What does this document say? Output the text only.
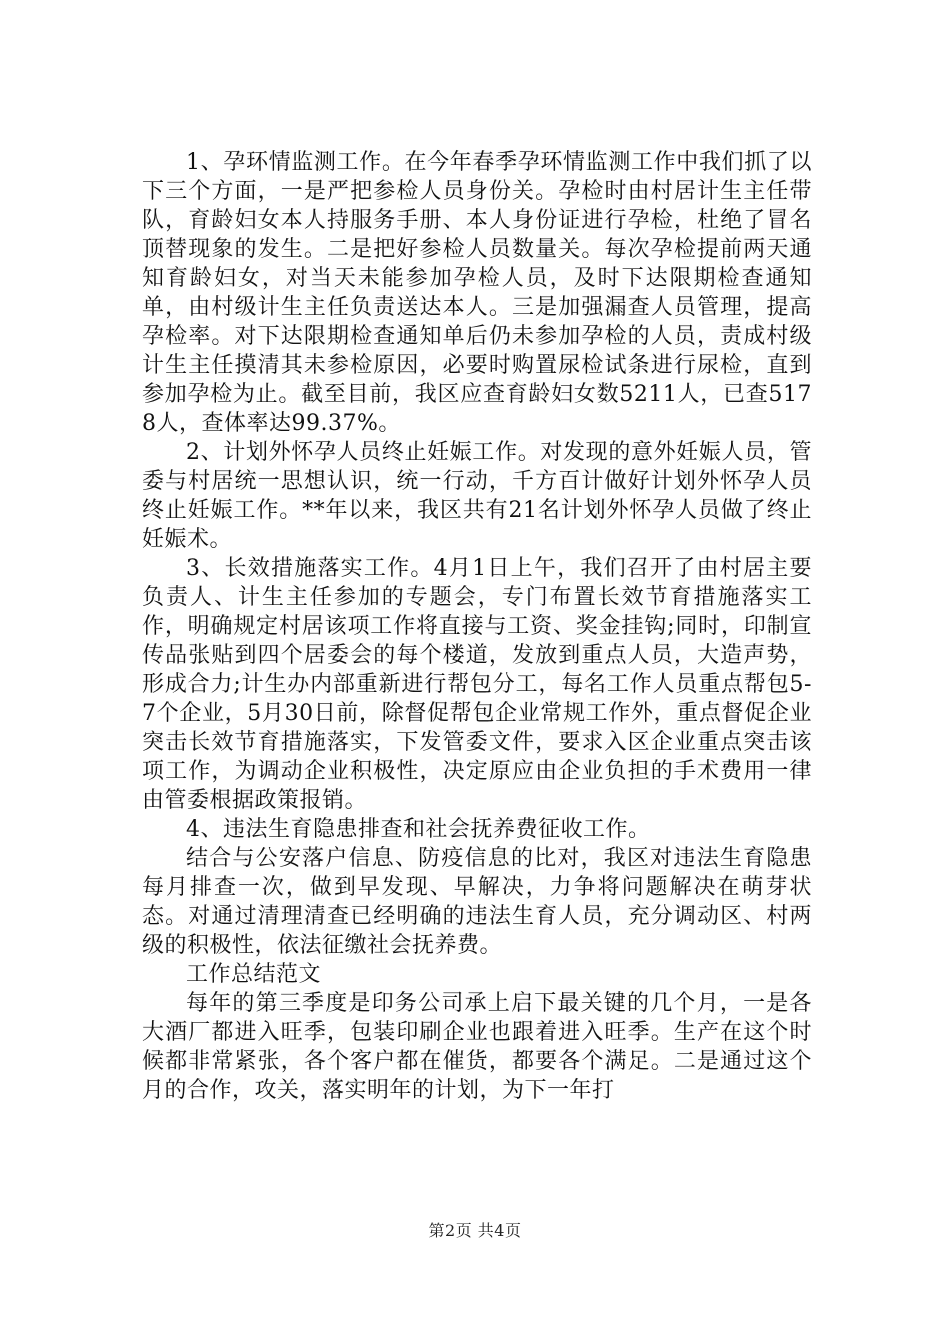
1、孕环情监测工作。在今年春季孕环情监测工作中我们抓了以下三个方面，一是严把参检人员身份关。孕检时由村居计生主任带队，育龄妇女本人持服务手册、本人身份证进行孕检，杜绝了冒名顶替现象的发生。二是把好参检人员数量关。每次孕检提前两天通知育龄妇女，对当天未能参加孕检人员，及时下达限期检查通知单，由村级计生主任负责送达本人。三是加强漏查人员管理，提高孕检率。对下达限期检查通知单后仍未参加孕检的人员，责成村级计生主任摸清其未参检原因，必要时购置尿检试条进行尿检，直到参加孕检为止。截至目前，我区应查育龄妇女数5211人，已查5178人，查体率达99.37%。

2、计划外怀孕人员终止妊娠工作。对发现的意外妊娠人员，管委与村居统一思想认识，统一行动，千方百计做好计划外怀孕人员终止妊娠工作。**年以来，我区共有21名计划外怀孕人员做了终止妊娠术。

3、长效措施落实工作。4月1日上午，我们召开了由村居主要负责人、计生主任参加的专题会，专门布置长效节育措施落实工作，明确规定村居该项工作将直接与工资、奖金挂钩;同时，印制宣传品张贴到四个居委会的每个楼道，发放到重点人员，大造声势，形成合力;计生办内部重新进行帮包分工，每名工作人员重点帮包5-7个企业，5月30日前，除督促帮包企业常规工作外，重点督促企业突击长效节育措施落实，下发管委文件，要求入区企业重点突击该项工作，为调动企业积极性，决定原应由企业负担的手术费用一律由管委根据政策报销。

4、违法生育隐患排查和社会抚养费征收工作。

结合与公安落户信息、防疫信息的比对，我区对违法生育隐患每月排查一次，做到早发现、早解决，力争将问题解决在萌芽状态。对通过清理清查已经明确的违法生育人员，充分调动区、村两级的积极性，依法征缴社会抚养费。

工作总结范文

每年的第三季度是印务公司承上启下最关键的几个月，一是各大酒厂都进入旺季，包装印刷企业也跟着进入旺季。生产在这个时候都非常紧张，各个客户都在催货，都要各个满足。二是通过这个月的合作，攻关，落实明年的计划，为下一年打

第2页 共4页
